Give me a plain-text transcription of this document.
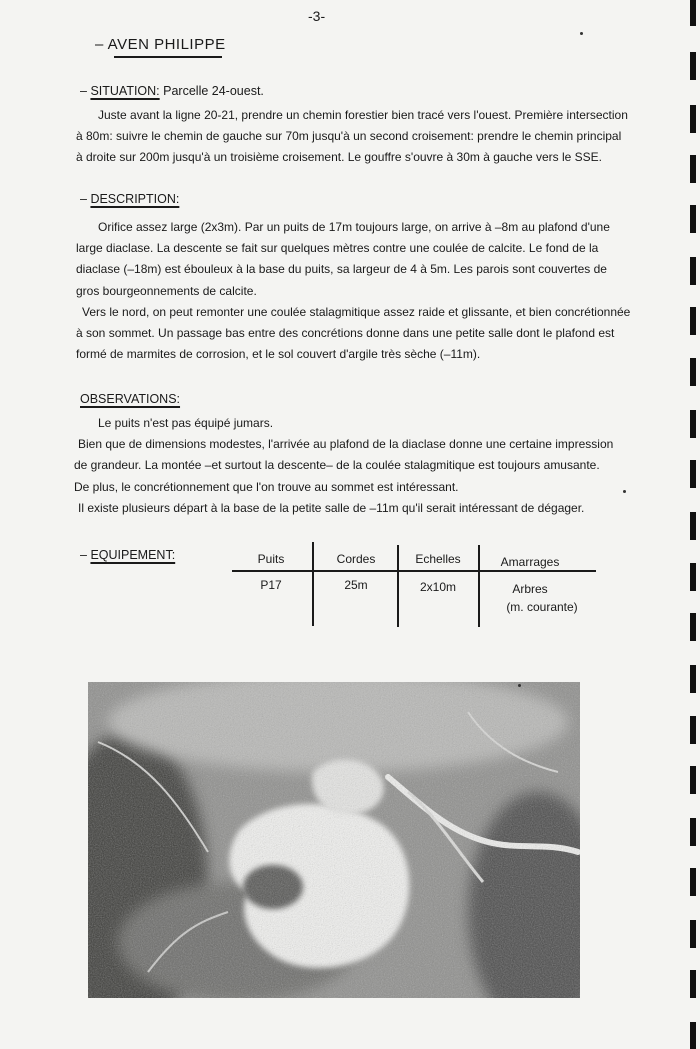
-3-
– AVEN PHILIPPE
– SITUATION: Parcelle 24-ouest.
Juste avant la ligne 20-21, prendre un chemin forestier bien tracé vers l'ouest. Première intersection
à 80m: suivre le chemin de gauche sur 70m jusqu'à un second croisement: prendre le chemin principal
à droite sur 200m jusqu'à un troisième croisement. Le gouffre s'ouvre à 30m à gauche vers le SSE.
– DESCRIPTION:
Orifice assez large (2x3m). Par un puits de 17m toujours large, on arrive à –8m au plafond d'une
large diaclase. La descente se fait sur quelques mètres contre une coulée de calcite. Le fond de la
diaclase (–18m) est ébouleux à la base du puits, sa largeur de 4 à 5m. Les parois sont couvertes de
gros bourgeonnements de calcite.
Vers le nord, on peut remonter une coulée stalagmitique assez raide et glissante, et bien concrétionnée
à son sommet. Un passage bas entre des concrétions donne dans une petite salle dont le plafond est
formé de marmites de corrosion, et le sol couvert d'argile très sèche (–11m).
OBSERVATIONS:
Le puits n'est pas équipé jumars.
Bien que de dimensions modestes, l'arrivée au plafond de la diaclase donne une certaine impression
de grandeur. La montée –et surtout la descente– de la coulée stalagmitique est toujours amusante.
De plus, le concrétionnement que l'on trouve au sommet est intéressant.
Il existe plusieurs départ à la base de la petite salle de –11m qu'il serait intéressant de dégager.
– EQUIPEMENT:	Puits	Cordes	Echelles	Amarrages
P17	25m	2x10m	Arbres
(m. courante)
